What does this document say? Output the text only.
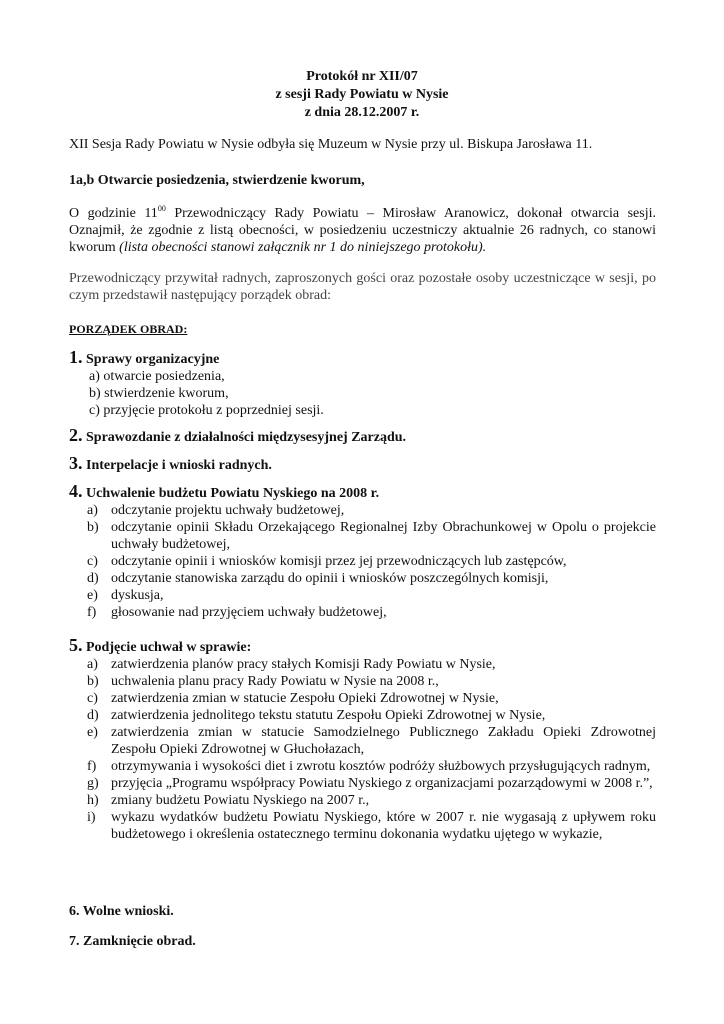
Protokół nr XII/07
z sesji Rady Powiatu w Nysie
z dnia 28.12.2007 r.
XII Sesja Rady Powiatu w Nysie odbyła się Muzeum w Nysie przy ul. Biskupa Jarosława 11.
1a,b Otwarcie posiedzenia, stwierdzenie kworum,
O godzinie $11^{00}$ Przewodniczący Rady Powiatu – Mirosław Aranowicz, dokonał otwarcia sesji. Oznajmił, że zgodnie z listą obecności, w posiedzeniu uczestniczy aktualnie 26 radnych, co stanowi kworum (lista obecności stanowi załącznik nr 1 do niniejszego protokołu).
Przewodniczący przywitał radnych, zaproszonych gości oraz pozostałe osoby uczestniczące w sesji, po czym przedstawił następujący porządek obrad:
PORZĄDEK OBRAD:
1. Sprawy organizacyjne
a) otwarcie posiedzenia,
b) stwierdzenie kworum,
c) przyjęcie protokołu z poprzedniej sesji.
2. Sprawozdanie z działalności międzysesyjnej Zarządu.
3. Interpelacje i wnioski radnych.
4. Uchwalenie budżetu Powiatu Nyskiego na 2008 r.
a) odczytanie projektu uchwały budżetowej,
b) odczytanie opinii Składu Orzekającego Regionalnej Izby Obrachunkowej w Opolu o projekcie uchwały budżetowej,
c) odczytanie opinii i wniosków komisji przez jej przewodniczących lub zastępców,
d) odczytanie stanowiska zarządu do opinii i wniosków poszczególnych komisji,
e) dyskusja,
f) głosowanie nad przyjęciem uchwały budżetowej,
5. Podjęcie uchwał w sprawie:
a) zatwierdzenia planów pracy stałych Komisji Rady Powiatu w Nysie,
b) uchwalenia planu pracy Rady Powiatu w Nysie na 2008 r.,
c) zatwierdzenia zmian w statucie Zespołu Opieki Zdrowotnej w Nysie,
d) zatwierdzenia jednolitego tekstu statutu Zespołu Opieki Zdrowotnej w Nysie,
e) zatwierdzenia zmian w statucie Samodzielnego Publicznego Zakładu Opieki Zdrowotnej Zespołu Opieki Zdrowotnej w Głuchołazach,
f) otrzymywania i wysokości diet i zwrotu kosztów podróży służbowych przysługujących radnym,
g) przyjęcia „Programu współpracy Powiatu Nyskiego z organizacjami pozarządowymi w 2008 r.”,
h) zmiany budżetu Powiatu Nyskiego na 2007 r.,
i) wykazu wydatków budżetu Powiatu Nyskiego, które w 2007 r. nie wygasają z upływem roku budżetowego i określenia ostatecznego terminu dokonania wydatku ujętego w wykazie,
6. Wolne wnioski.
7. Zamknięcie obrad.
